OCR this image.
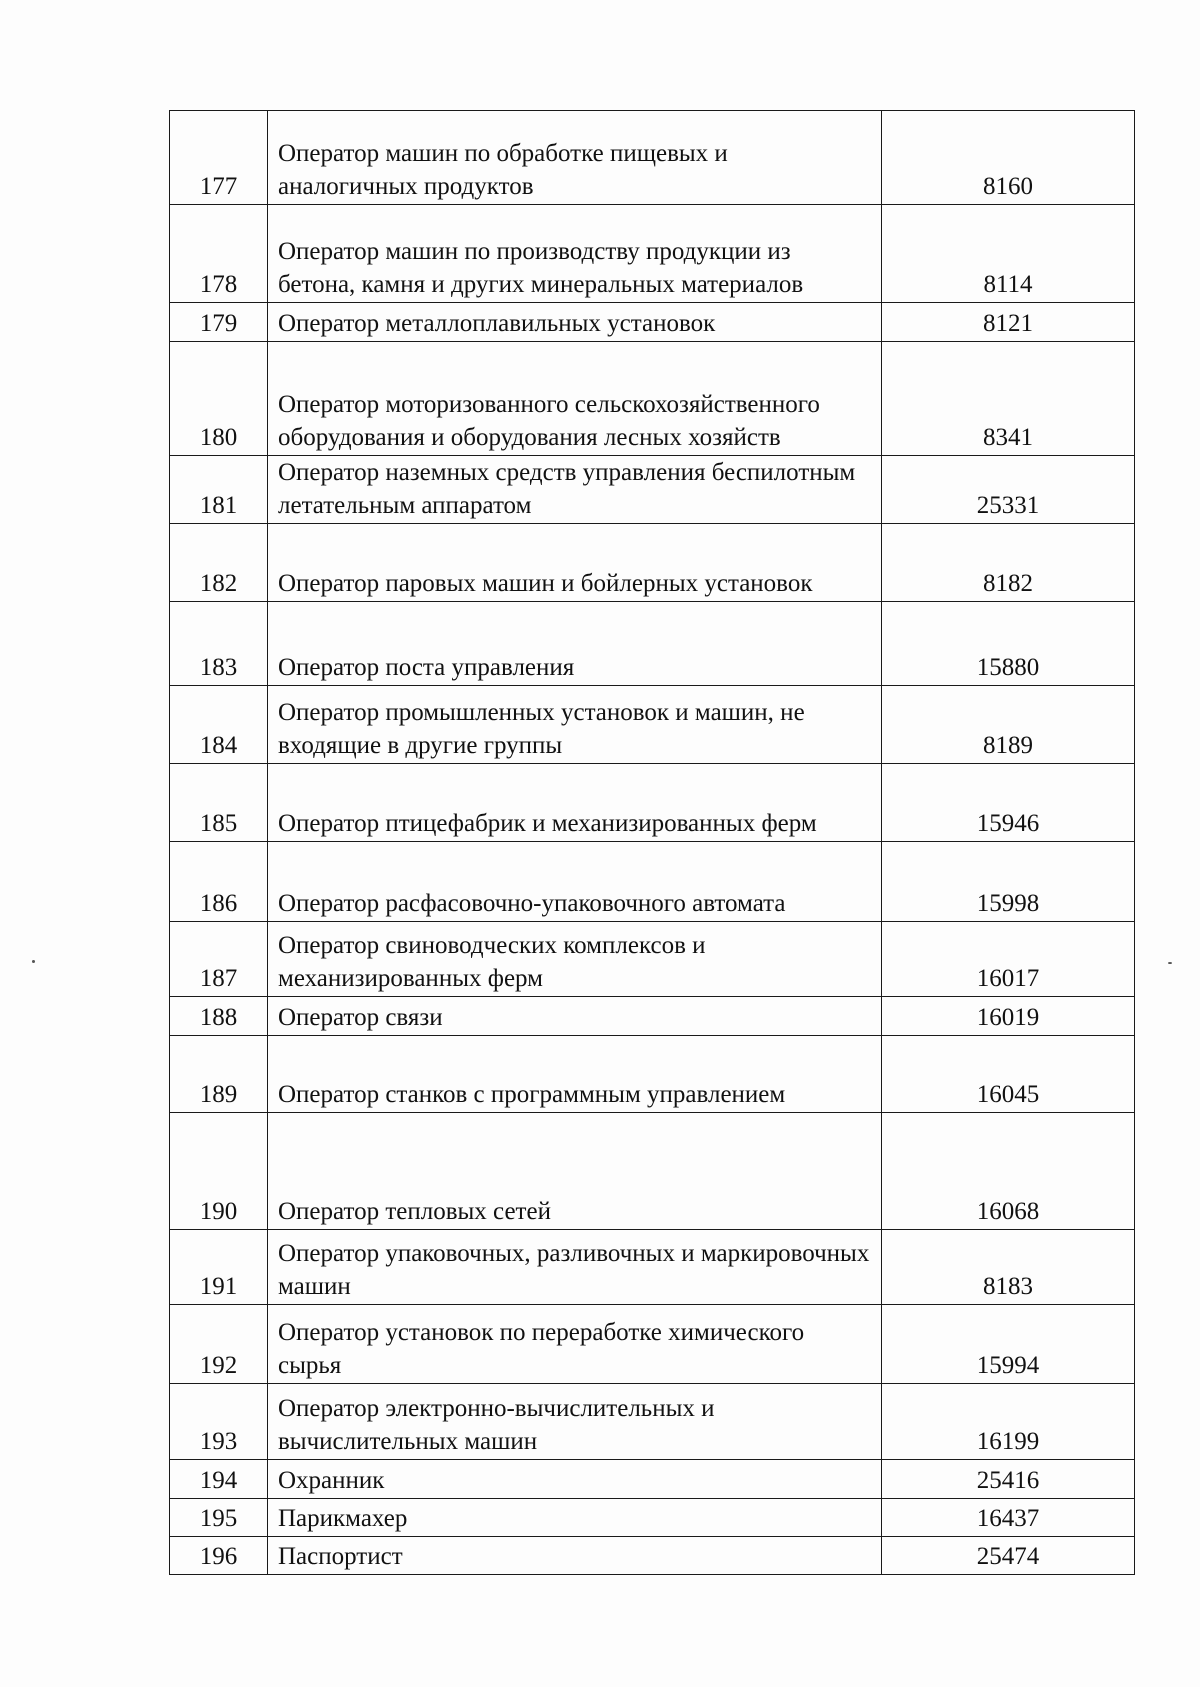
177	Оператор машин по обработке пищевых и аналогичных продуктов	8160
178	Оператор машин по производству продукции из бетона, камня и других минеральных материалов	8114
179	Оператор металлоплавильных установок	8121
180	Оператор моторизованного сельскохозяйственного оборудования и оборудования лесных хозяйств	8341
181	Оператор наземных средств управления беспилотным летательным аппаратом	25331
182	Оператор паровых машин и бойлерных установок	8182
183	Оператор поста управления	15880
184	Оператор промышленных установок и машин, не входящие в другие группы	8189
185	Оператор птицефабрик и механизированных ферм	15946
186	Оператор расфасовочно-упаковочного автомата	15998
187	Оператор свиноводческих комплексов и механизированных ферм	16017
188	Оператор связи	16019
189	Оператор станков с программным управлением	16045
190	Оператор тепловых сетей	16068
191	Оператор упаковочных, разливочных и маркировочных машин	8183
192	Оператор установок по переработке химического сырья	15994
193	Оператор электронно-вычислительных и вычислительных машин	16199
194	Охранник	25416
195	Парикмахер	16437
196	Паспортист	25474
